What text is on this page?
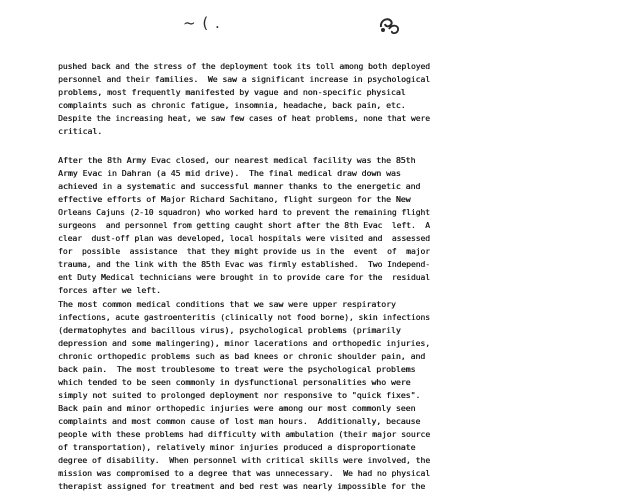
~ ( .
pushed back and the stress of the deployment took its toll among both deployed
personnel and their families.  We saw a significant increase in psychological
problems, most frequently manifested by vague and non-specific physical
complaints such as chronic fatigue, insomnia, headache, back pain, etc.
Despite the increasing heat, we saw few cases of heat problems, none that were
critical.
After the 8th Army Evac closed, our nearest medical facility was the 85th
Army Evac in Dahran (a 45 mid drive).  The final medical draw down was
achieved in a systematic and successful manner thanks to the energetic and
effective efforts of Major Richard Sachitano, flight surgeon for the New
Orleans Cajuns (2-10 squadron) who worked hard to prevent the remaining flight
surgeons  and personnel from getting caught short after the 8th Evac  left.  A
clear  dust-off plan was developed, local hospitals were visited and  assessed
for  possible  assistance  that they might provide us in the  event  of  major
trauma, and the link with the 85th Evac was firmly established.  Two Independ-
ent Duty Medical technicians were brought in to provide care for the  residual
forces after we left.
The most common medical conditions that we saw were upper respiratory
infections, acute gastroenteritis (clinically not food borne), skin infections
(dermatophytes and bacillous virus), psychological problems (primarily
depression and some malingering), minor lacerations and orthopedic injuries,
chronic orthopedic problems such as bad knees or chronic shoulder pain, and
back pain.  The most troublesome to treat were the psychological problems
which tended to be seen commonly in dysfunctional personalities who were
simply not suited to prolonged deployment nor responsive to "quick fixes".
Back pain and minor orthopedic injuries were among our most commonly seen
complaints and most common cause of lost man hours.  Additionally, because
people with these problems had difficulty with ambulation (their major source
of transportation), relatively minor injuries produced a disproportionate
degree of disability.  When personnel with critical skills were involved, the
mission was compromised to a degree that was unnecessary.  We had no physical
therapist assigned for treatment and bed rest was nearly impossible for the
